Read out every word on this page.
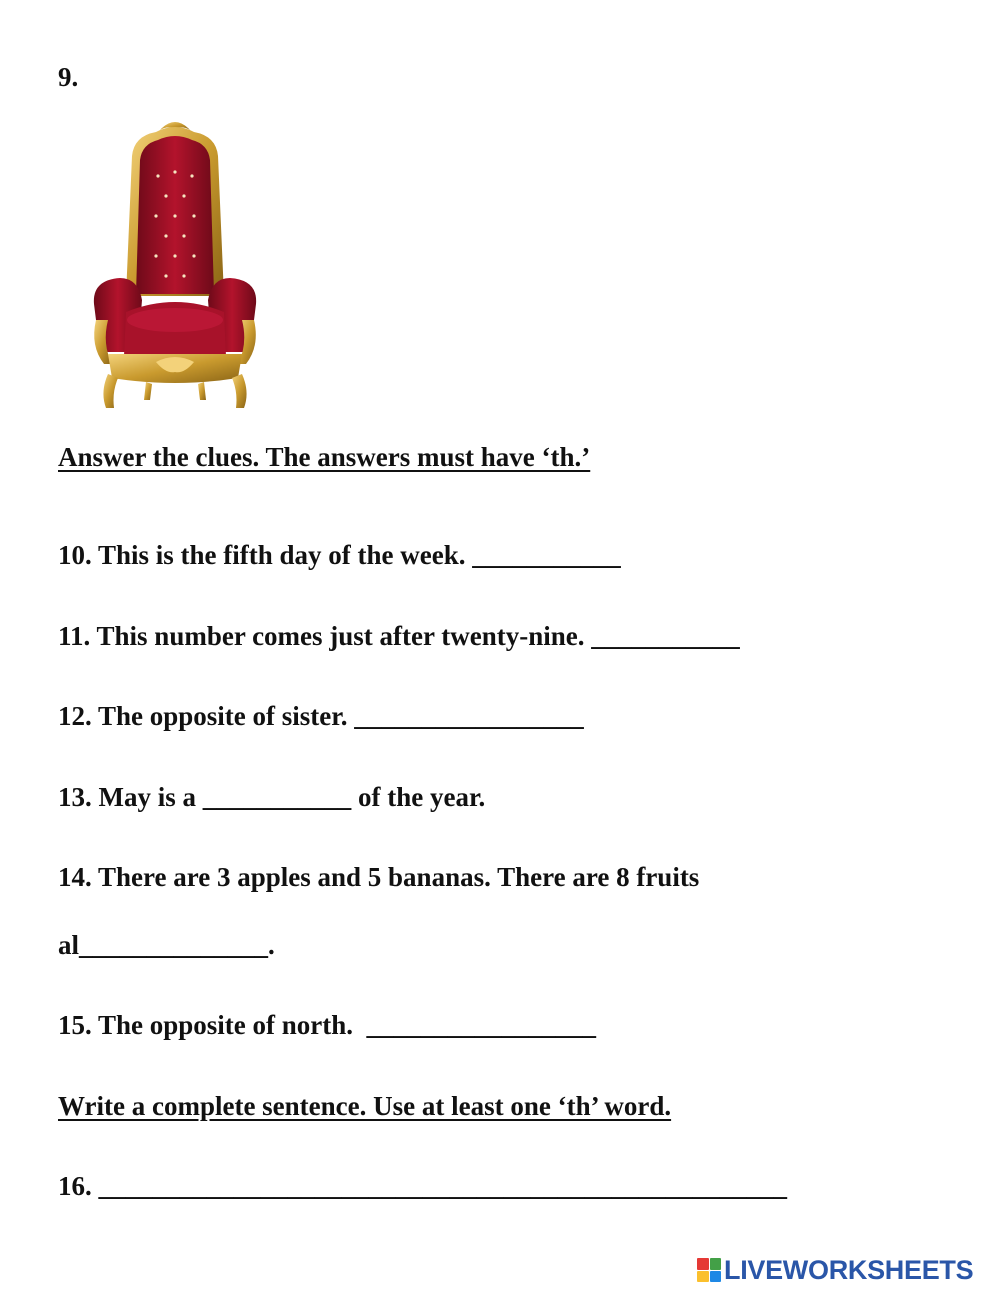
9.
Answer the clues. The answers must have ‘th.’
10. This is the fifth day of the week. ___________
11. This number comes just after twenty-nine. ___________
12. The opposite of sister. _________________
13. May is a ___________ of the year.
14. There are 3 apples and 5 bananas. There are 8 fruits
al______________.
15. The opposite of north.  _________________
Write a complete sentence. Use at least one ‘th’ word.
16. ___________________________________________________
LIVEWORKSHEETS
